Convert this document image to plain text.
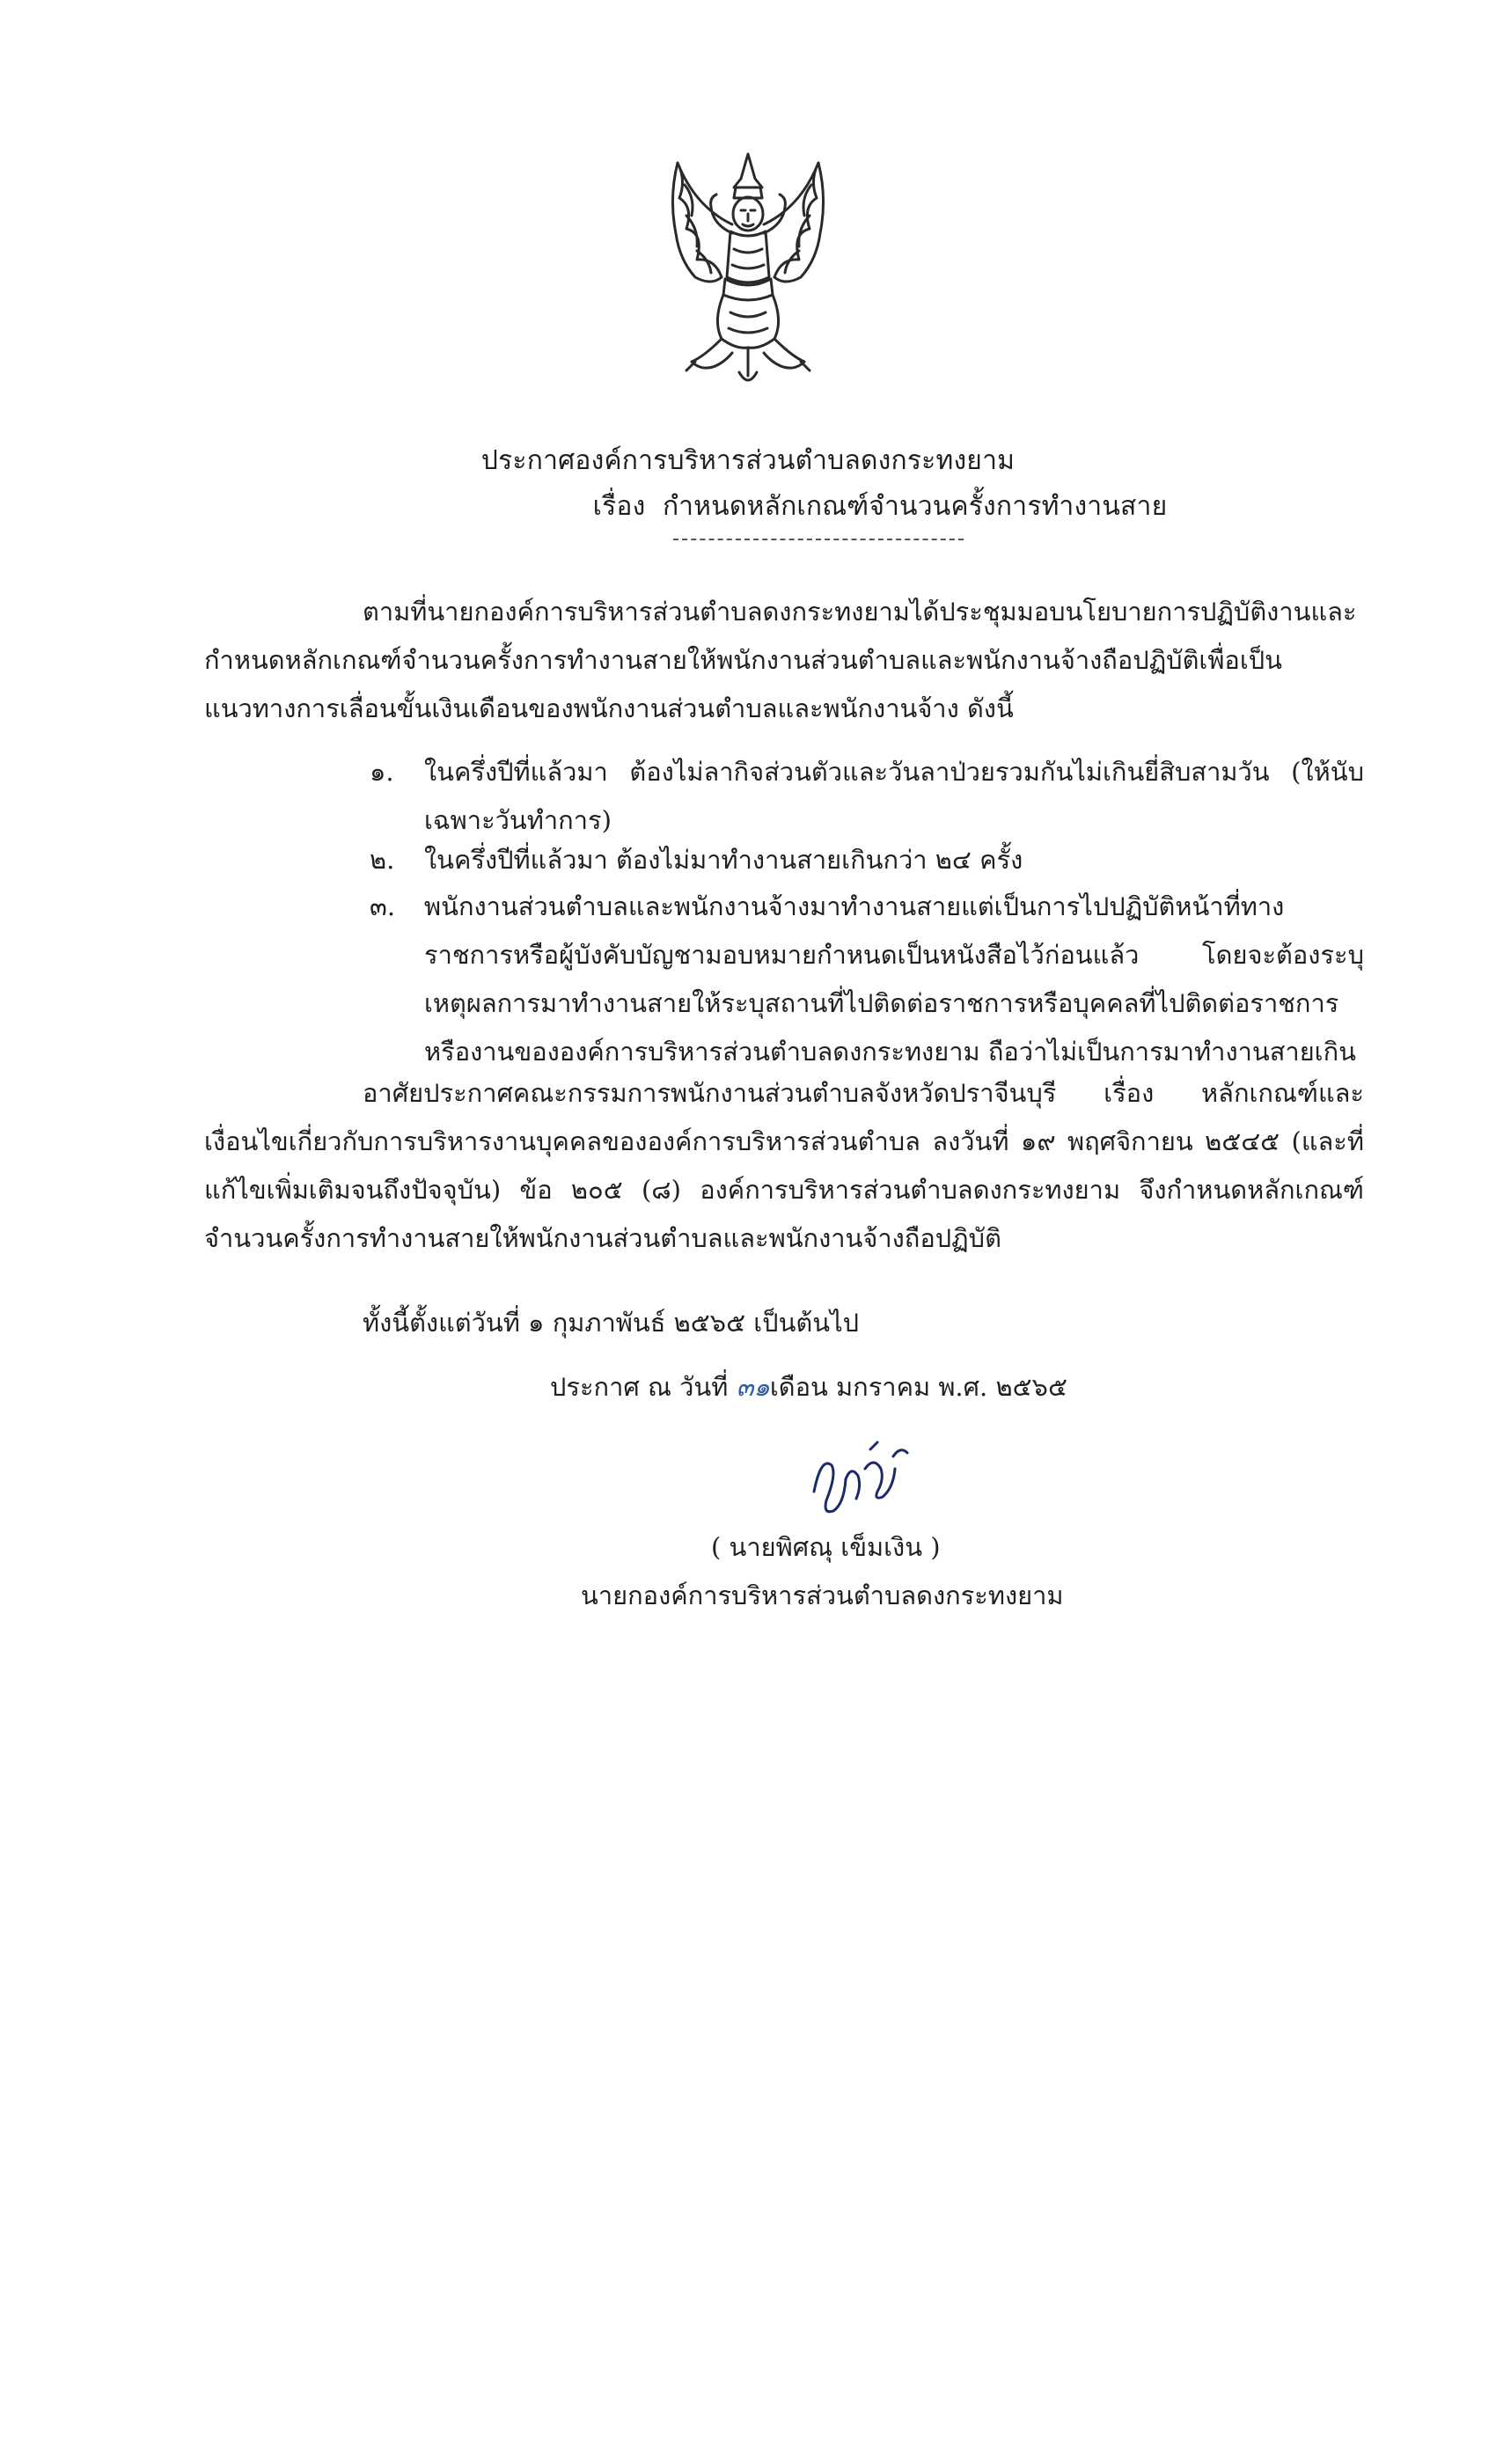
ประกาศองค์การบริหารส่วนตำบลดงกระทงยาม
เรื่อง กำหนดหลักเกณฑ์จำนวนครั้งการทำงานสาย

ตามที่นายกองค์การบริหารส่วนตำบลดงกระทงยามได้ประชุมมอบนโยบายการปฏิบัติงานและกำหนดหลักเกณฑ์จำนวนครั้งการทำงานสายให้พนักงานส่วนตำบลและพนักงานจ้างถือปฏิบัติเพื่อเป็นแนวทางการเลื่อนขั้นเงินเดือนของพนักงานส่วนตำบลและพนักงานจ้าง ดังนี้

๑. ในครึ่งปีที่แล้วมา ต้องไม่ลากิจส่วนตัวและวันลาป่วยรวมกันไม่เกินยี่สิบสามวัน (ให้นับเฉพาะวันทำการ)
๒. ในครึ่งปีที่แล้วมา ต้องไม่มาทำงานสายเกินกว่า ๒๔ ครั้ง
๓. พนักงานส่วนตำบลและพนักงานจ้างมาทำงานสายแต่เป็นการไปปฏิบัติหน้าที่ทางราชการหรือผู้บังคับบัญชามอบหมายกำหนดเป็นหนังสือไว้ก่อนแล้ว โดยจะต้องระบุเหตุผลการมาทำงานสายให้ระบุสถานที่ไปติดต่อราชการหรือบุคคลที่ไปติดต่อราชการหรืองานขององค์การบริหารส่วนตำบลดงกระทงยาม ถือว่าไม่เป็นการมาทำงานสายเกิน

อาศัยประกาศคณะกรรมการพนักงานส่วนตำบลจังหวัดปราจีนบุรี เรื่อง หลักเกณฑ์และเงื่อนไขเกี่ยวกับการบริหารงานบุคคลขององค์การบริหารส่วนตำบล ลงวันที่ ๑๙ พฤศจิกายน ๒๕๔๕ (และที่แก้ไขเพิ่มเติมจนถึงปัจจุบัน) ข้อ ๒๐๕ (๘) องค์การบริหารส่วนตำบลดงกระทงยาม จึงกำหนดหลักเกณฑ์จำนวนครั้งการทำงานสายให้พนักงานส่วนตำบลและพนักงานจ้างถือปฏิบัติ

ทั้งนี้ตั้งแต่วันที่ ๑ กุมภาพันธ์ ๒๕๖๕ เป็นต้นไป
ประกาศ ณ วันที่ ๓๑เดือน มกราคม พ.ศ. ๒๕๖๕
( นายพิศณุ เข็มเงิน )
นายกองค์การบริหารส่วนตำบลดงกระทงยาม
